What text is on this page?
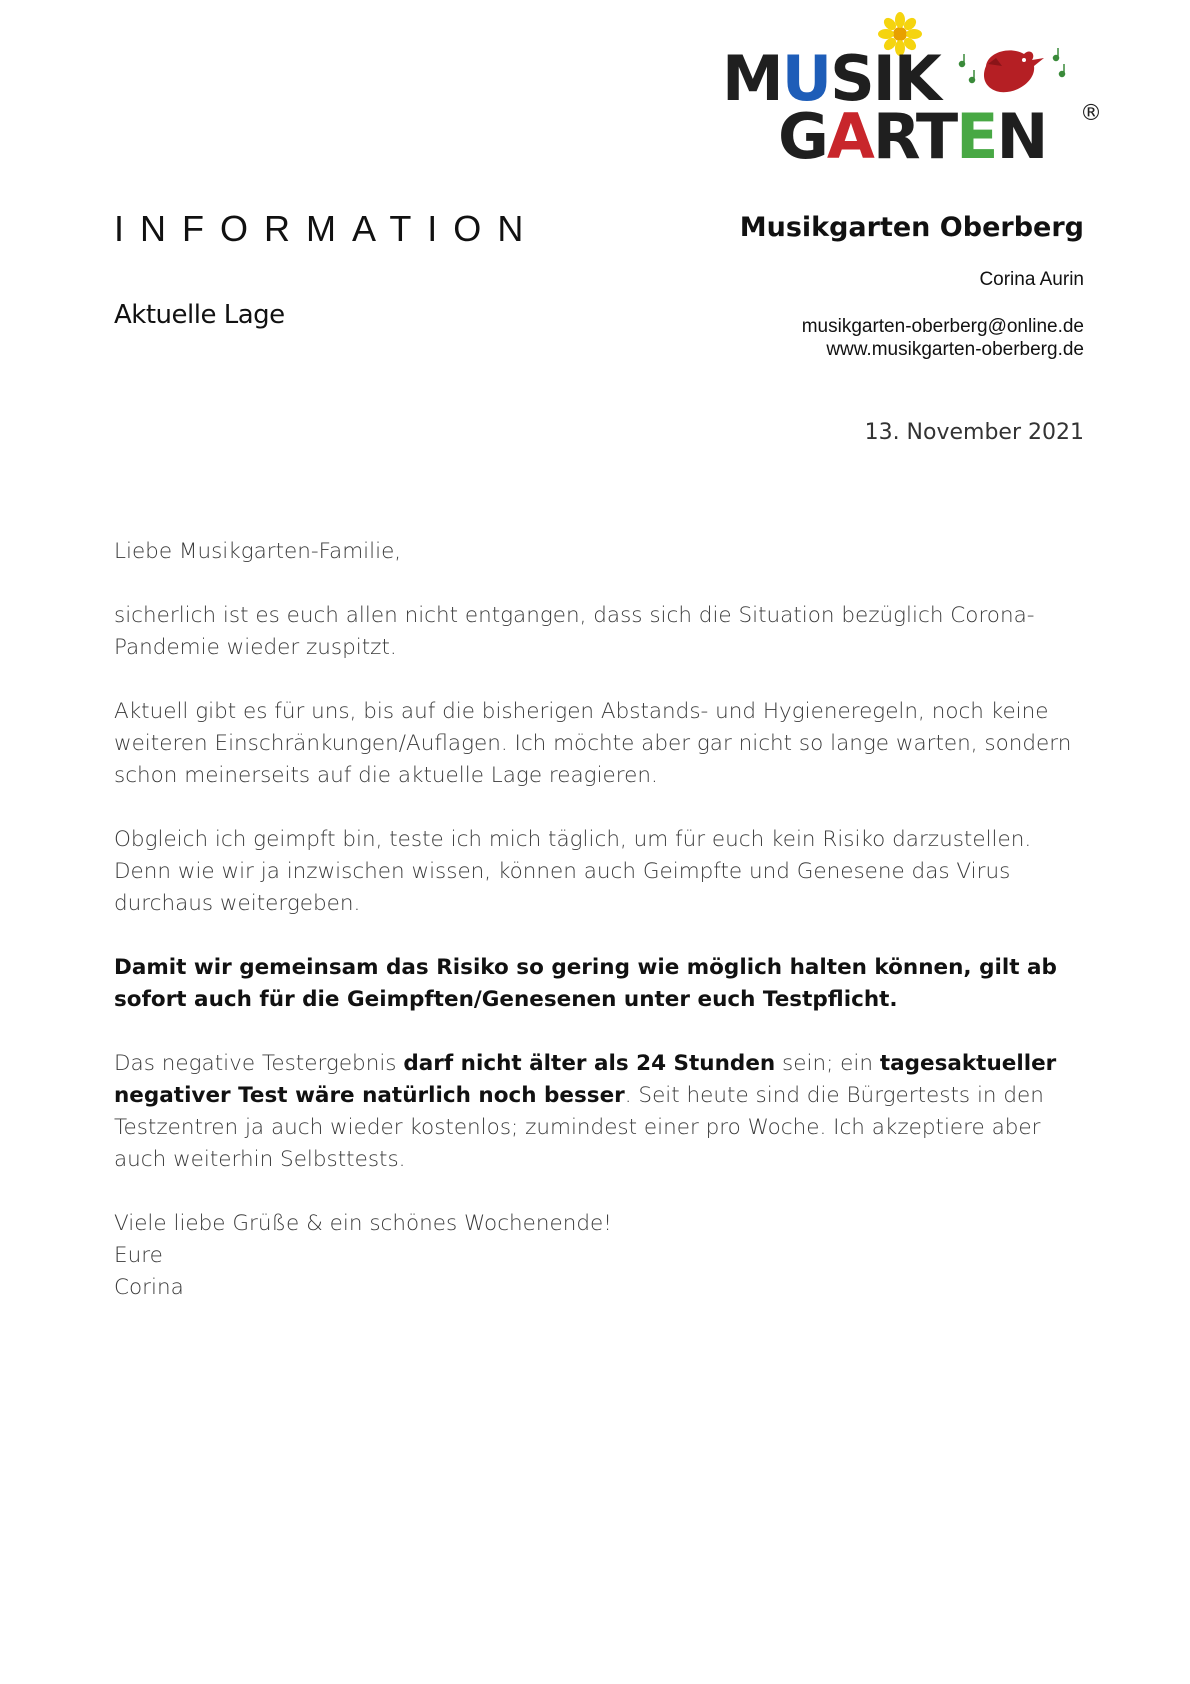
MUSIK
GARTEN ®
INFORMATION
Aktuelle Lage
Musikgarten Oberberg
Corina Aurin
musikgarten-oberberg@online.de
www.musikgarten-oberberg.de
13. November 2021

Liebe Musikgarten-Familie,

sicherlich ist es euch allen nicht entgangen, dass sich die Situation bezüglich Corona-Pandemie wieder zuspitzt.

Aktuell gibt es für uns, bis auf die bisherigen Abstands- und Hygieneregeln, noch keine weiteren Einschränkungen/Auflagen. Ich möchte aber gar nicht so lange warten, sondern schon meinerseits auf die aktuelle Lage reagieren.

Obgleich ich geimpft bin, teste ich mich täglich, um für euch kein Risiko darzustellen. Denn wie wir ja inzwischen wissen, können auch Geimpfte und Genesene das Virus durchaus weitergeben.

Damit wir gemeinsam das Risiko so gering wie möglich halten können, gilt ab sofort auch für die Geimpften/Genesenen unter euch Testpflicht.

Das negative Testergebnis darf nicht älter als 24 Stunden sein; ein tagesaktueller negativer Test wäre natürlich noch besser. Seit heute sind die Bürgertests in den Testzentren ja auch wieder kostenlos; zumindest einer pro Woche. Ich akzeptiere aber auch weiterhin Selbsttests.

Viele liebe Grüße & ein schönes Wochenende!
Eure
Corina
